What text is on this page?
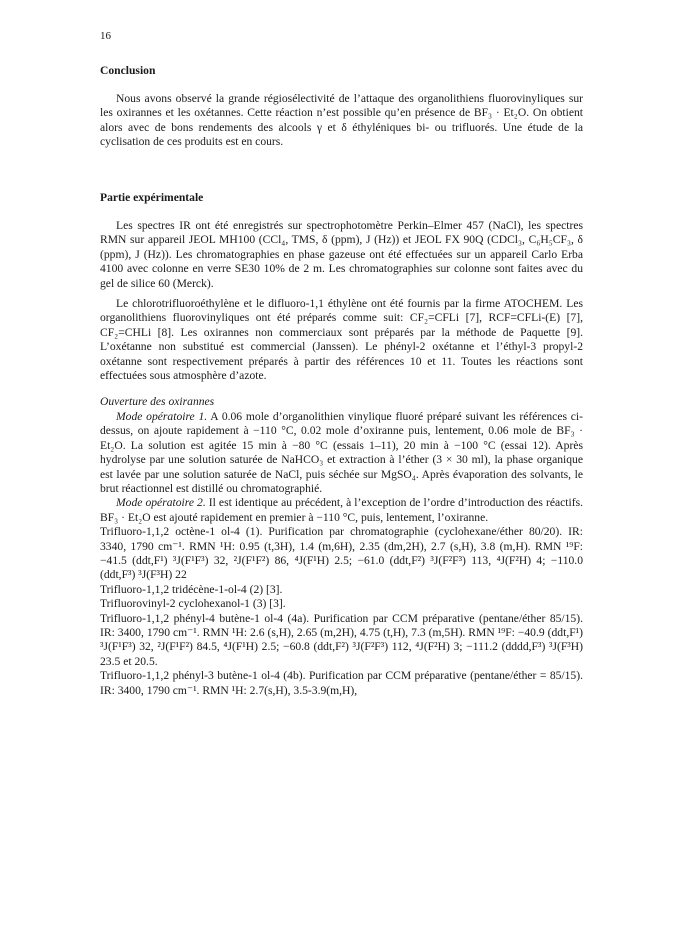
16
Conclusion

Nous avons observé la grande régiosélectivité de l’attaque des organolithiens fluorovinyliques sur les oxirannes et les oxétannes. Cette réaction n’est possible qu’en présence de BF₃ · Et₂O. On obtient alors avec de bons rendements des alcools γ et δ éthyléniques bi- ou trifluorés. Une étude de la cyclisation de ces produits est en cours.

Partie expérimentale

Les spectres IR ont été enregistrés sur spectrophotomètre Perkin–Elmer 457 (NaCl), les spectres RMN sur appareil JEOL MH100 (CCl₄, TMS, δ (ppm), J (Hz)) et JEOL FX 90Q (CDCl₃, C₆H₅CF₃, δ (ppm), J (Hz)). Les chromatographies en phase gazeuse ont été effectuées sur un appareil Carlo Erba 4100 avec colonne en verre SE30 10% de 2 m. Les chromatographies sur colonne sont faites avec du gel de silice 60 (Merck).

Le chlorotrifluoroéthylène et le difluoro-1,1 éthylène ont été fournis par la firme ATOCHEM. Les organolithiens fluorovinyliques ont été préparés comme suit: CF₂=CFLi [7], RCF=CFLi-(E) [7], CF₂=CHLi [8]. Les oxirannes non commerciaux sont préparés par la méthode de Paquette [9]. L’oxétanne non substitué est commercial (Janssen). Le phényl-2 oxétanne et l’éthyl-3 propyl-2 oxétanne sont respectivement préparés à partir des références 10 et 11. Toutes les réactions sont effectuées sous atmosphère d’azote.

Ouverture des oxirannes

Mode opératoire 1. A 0.06 mole d’organolithien vinylique fluoré préparé suivant les références ci-dessus, on ajoute rapidement à −110 °C, 0.02 mole d’oxiranne puis, lentement, 0.06 mole de BF₃ · Et₂O. La solution est agitée 15 min à −80 °C (essais 1–11), 20 min à −100 °C (essai 12). Après hydrolyse par une solution saturée de NaHCO₃ et extraction à l’éther (3 × 30 ml), la phase organique est lavée par une solution saturée de NaCl, puis séchée sur MgSO₄. Après évaporation des solvants, le brut réactionnel est distillé ou chromatographié.

Mode opératoire 2. Il est identique au précédent, à l’exception de l’ordre d’introduction des réactifs. BF₃ · Et₂O est ajouté rapidement en premier à −110 °C, puis, lentement, l’oxiranne.

Trifluoro-1,1,2 octène-1 ol-4 (1). Purification par chromatographie (cyclohexane/éther 80/20). IR: 3340, 1790 cm⁻¹. RMN ¹H: 0.95 (t,3H), 1.4 (m,6H), 2.35 (dm,2H), 2.7 (s,H), 3.8 (m,H). RMN ¹⁹F: −41.5 (ddt,F¹) ³J(F¹F³) 32, ²J(F¹F²) 86, ⁴J(F¹H) 2.5; −61.0 (ddt,F²) ³J(F²F³) 113, ⁴J(F²H) 4; −110.0 (ddt,F³) ³J(F³H) 22

Trifluoro-1,1,2 tridécène-1-ol-4 (2) [3].

Trifluorovinyl-2 cyclohexanol-1 (3) [3].

Trifluoro-1,1,2 phényl-4 butène-1 ol-4 (4a). Purification par CCM préparative (pentane/éther 85/15). IR: 3400, 1790 cm⁻¹. RMN ¹H: 2.6 (s,H), 2.65 (m,2H), 4.75 (t,H), 7.3 (m,5H). RMN ¹⁹F: −40.9 (ddt,F¹) ³J(F¹F³) 32, ²J(F¹F²) 84.5, ⁴J(F¹H) 2.5; −60.8 (ddt,F²) ³J(F²F³) 112, ⁴J(F²H) 3; −111.2 (dddd,F³) ³J(F³H) 23.5 et 20.5.

Trifluoro-1,1,2 phényl-3 butène-1 ol-4 (4b). Purification par CCM préparative (pentane/éther = 85/15). IR: 3400, 1790 cm⁻¹. RMN ¹H: 2.7(s,H), 3.5-3.9(m,H),
